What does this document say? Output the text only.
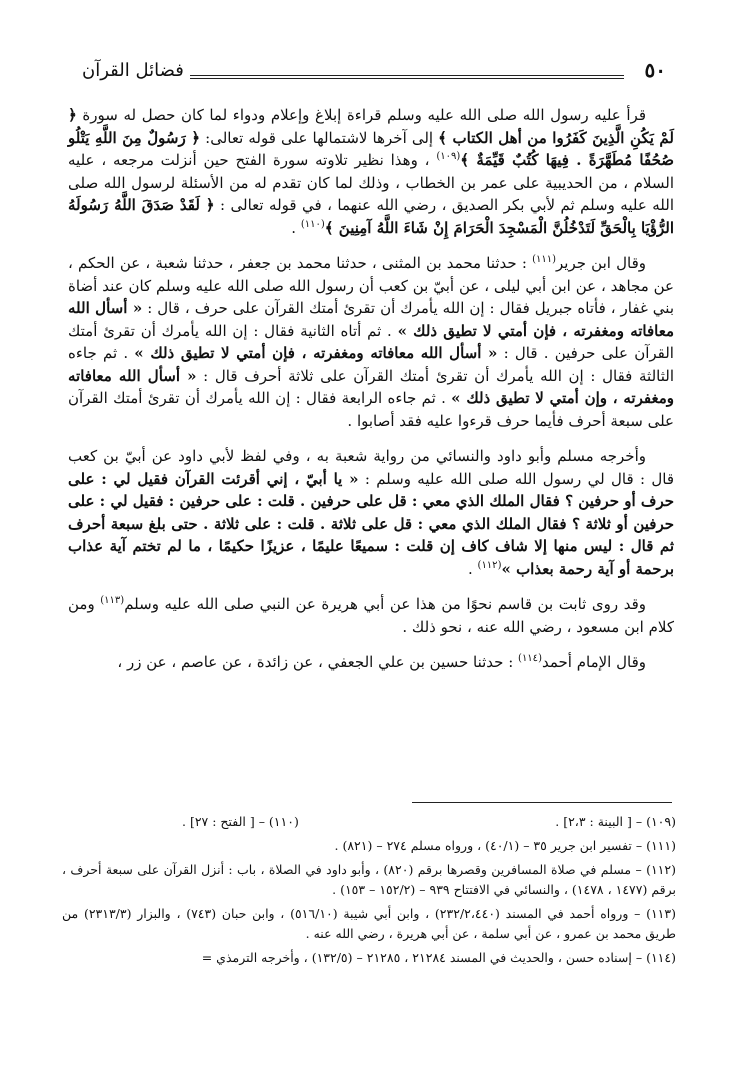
فضائل القرآن	٥٠

قرأ عليه رسول الله صلى الله عليه وسلم قراءة إبلاغ وإعلام ودواء لما كان حصل له سورة ﴿ لَمْ يَكُنِ الَّذِينَ كَفَرُوا من أهل الكتاب ﴾ إلى آخرها لاشتمالها على قوله تعالى: ﴿ رَسُولٌ مِنَ اللَّهِ يَتْلُو صُحُفًا مُطَهَّرَةً . فِيهَا كُتُبٌ قَيِّمَةٌ ﴾$^{(١٠٩)}$ ، وهذا نظير تلاوته سورة الفتح حين أنزلت مرجعه ، عليه السلام ، من الحديبية على عمر بن الخطاب ، وذلك لما كان تقدم له من الأسئلة لرسول الله صلى الله عليه وسلم ثم لأبي بكر الصديق ، رضي الله عنهما ، في قوله تعالى : ﴿ لَقَدْ صَدَقَ اللَّهُ رَسُولَهُ الرُّؤْيَا بِالْحَقِّ لَتَدْخُلُنَّ الْمَسْجِدَ الْحَرَامَ إِنْ شَاءَ اللَّهُ آمِنِينَ ﴾$^{(١١٠)}$ .

وقال ابن جرير$^{(١١١)}$ : حدثنا محمد بن المثنى ، حدثنا محمد بن جعفر ، حدثنا شعبة ، عن الحكم ، عن مجاهد ، عن ابن أبي ليلى ، عن أبيّ بن كعب أن رسول الله صلى الله عليه وسلم كان عند أضاة بني غفار ، فأتاه جبريل فقال : إن الله يأمرك أن تقرئ أمتك القرآن على حرف ، قال : « أسأل الله معافاته ومغفرته ، فإن أمتي لا تطيق ذلك » . ثم أتاه الثانية فقال : إن الله يأمرك أن تقرئ أمتك القرآن على حرفين . قال : « أسأل الله معافاته ومغفرته ، فإن أمتي لا تطيق ذلك » . ثم جاءه الثالثة فقال : إن الله يأمرك أن تقرئ أمتك القرآن على ثلاثة أحرف قال : « أسأل الله معافاته ومغفرته ، وإن أمتي لا تطيق ذلك » . ثم جاءه الرابعة فقال : إن الله يأمرك أن تقرئ أمتك القرآن على سبعة أحرف فأيما حرف قرءوا عليه فقد أصابوا .

وأخرجه مسلم وأبو داود والنسائي من رواية شعبة به ، وفي لفظ لأبي داود عن أبيّ بن كعب قال : قال لي رسول الله صلى الله عليه وسلم : « يا أبيّ ، إني أقرئت القرآن فقيل لي : على حرف أو حرفين ؟ فقال الملك الذي معي : قل على حرفين . قلت : على حرفين : فقيل لي : على حرفين أو ثلاثة ؟ فقال الملك الذي معي : قل على ثلاثة . قلت : على ثلاثة . حتى بلغ سبعة أحرف ثم قال : ليس منها إلا شاف كاف إن قلت : سميعًا عليمًا ، عزيزًا حكيمًا ، ما لم تختم آية عذاب برحمة أو آية رحمة بعذاب »$^{(١١٢)}$ .

وقد روى ثابت بن قاسم نحوًا من هذا عن أبي هريرة عن النبي صلى الله عليه وسلم$^{(١١٣)}$ ومن كلام ابن مسعود ، رضي الله عنه ، نحو ذلك .

وقال الإمام أحمد$^{(١١٤)}$ : حدثنا حسين بن علي الجعفي ، عن زائدة ، عن عاصم ، عن زر ،

(١٠٩) – [ البينة : ٢،٣] .
(١١٠) – [ الفتح : ٢٧] .
(١١١) – تفسير ابن جرير ٣٥ – (٤٠/١) ، ورواه مسلم ٢٧٤ – (٨٢١) .
(١١٢) – مسلم في صلاة المسافرين وقصرها برقم (٨٢٠) ، وأبو داود في الصلاة ، باب : أنزل القرآن على سبعة أحرف ، برقم (١٤٧٧ ، ١٤٧٨) ، والنسائي في الافتتاح ٩٣٩ – (١٥٢/٢ – ١٥٣) .
(١١٣) – ورواه أحمد في المسند (٢٣٢/٢،٤٤٠) ، وابن أبي شيبة (٥١٦/١٠) ، وابن حبان (٧٤٣) ، والبزار (٢٣١٣/٣) من طريق محمد بن عمرو ، عن أبي سلمة ، عن أبي هريرة ، رضي الله عنه .
(١١٤) – إسناده حسن ، والحديث في المسند ٢١٢٨٤ ، ٢١٢٨٥ – (١٣٢/٥) ، وأخرجه الترمذي =
